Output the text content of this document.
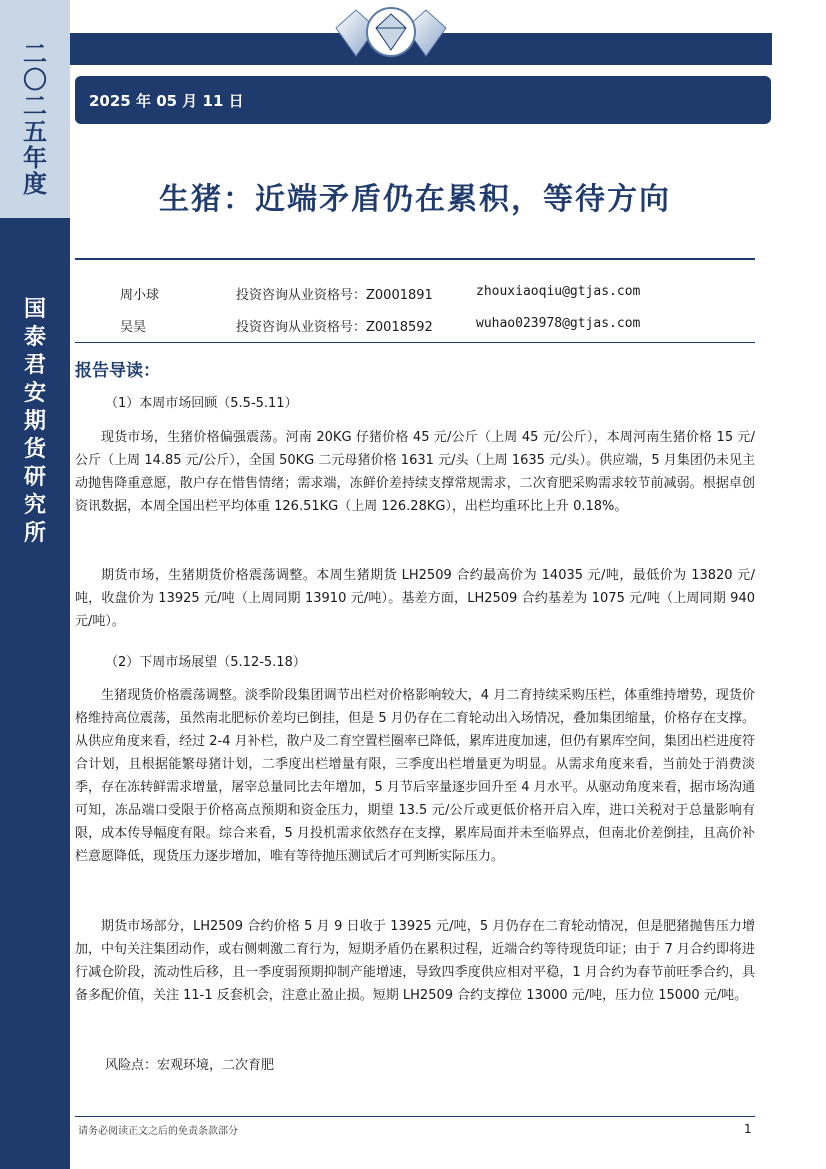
二
〇
二
五
年
度
国
泰
君
安
期
货
研
究
所
2025 年 05 月 11 日
生猪：近端矛盾仍在累积，等待方向
周小球	投资咨询从业资格号：Z0001891	zhouxiaoqiu@gtjas.com
吴昊	投资咨询从业资格号：Z0018592	wuhao023978@gtjas.com
报告导读：
（1）本周市场回顾（5.5-5.11）
现货市场，生猪价格偏强震荡。河南 20KG 仔猪价格 45 元/公斤（上周 45 元/公斤），本周河南生猪价格 15 元/公斤（上周 14.85 元/公斤），全国 50KG 二元母猪价格 1631 元/头（上周 1635 元/头）。供应端，5 月集团仍未见主动抛售降重意愿，散户存在惜售情绪；需求端，冻鲜价差持续支撑常规需求，二次育肥采购需求较节前减弱。根据卓创资讯数据，本周全国出栏平均体重 126.51KG（上周 126.28KG），出栏均重环比上升 0.18%。
期货市场，生猪期货价格震荡调整。本周生猪期货 LH2509 合约最高价为 14035 元/吨，最低价为 13820 元/吨，收盘价为 13925 元/吨（上周同期 13910 元/吨）。基差方面，LH2509 合约基差为 1075 元/吨（上周同期 940 元/吨）。
（2）下周市场展望（5.12-5.18）
生猪现货价格震荡调整。淡季阶段集团调节出栏对价格影响较大，4 月二育持续采购压栏，体重维持增势，现货价格维持高位震荡，虽然南北肥标价差均已倒挂，但是 5 月仍存在二育轮动出入场情况，叠加集团缩量，价格存在支撑。从供应角度来看，经过 2-4 月补栏，散户及二育空置栏圈率已降低，累库进度加速，但仍有累库空间，集团出栏进度符合计划，且根据能繁母猪计划，二季度出栏增量有限，三季度出栏增量更为明显。从需求角度来看，当前处于消费淡季，存在冻转鲜需求增量，屠宰总量同比去年增加，5 月节后宰量逐步回升至 4 月水平。从驱动角度来看，据市场沟通可知，冻品端口受限于价格高点预期和资金压力，期望 13.5 元/公斤或更低价格开启入库，进口关税对于总量影响有限，成本传导幅度有限。综合来看，5 月投机需求依然存在支撑，累库局面并未至临界点，但南北价差倒挂，且高价补栏意愿降低，现货压力逐步增加，唯有等待抛压测试后才可判断实际压力。
期货市场部分，LH2509 合约价格 5 月 9 日收于 13925 元/吨，5 月仍存在二育轮动情况，但是肥猪抛售压力增加，中旬关注集团动作，或右侧刺激二育行为，短期矛盾仍在累积过程，近端合约等待现货印证；由于 7 月合约即将进行减仓阶段，流动性后移，且一季度弱预期抑制产能增速，导致四季度供应相对平稳，1 月合约为春节前旺季合约，具备多配价值，关注 11-1 反套机会，注意止盈止损。短期 LH2509 合约支撑位 13000 元/吨，压力位 15000 元/吨。
风险点：宏观环境，二次育肥
请务必阅读正文之后的免责条款部分	1
